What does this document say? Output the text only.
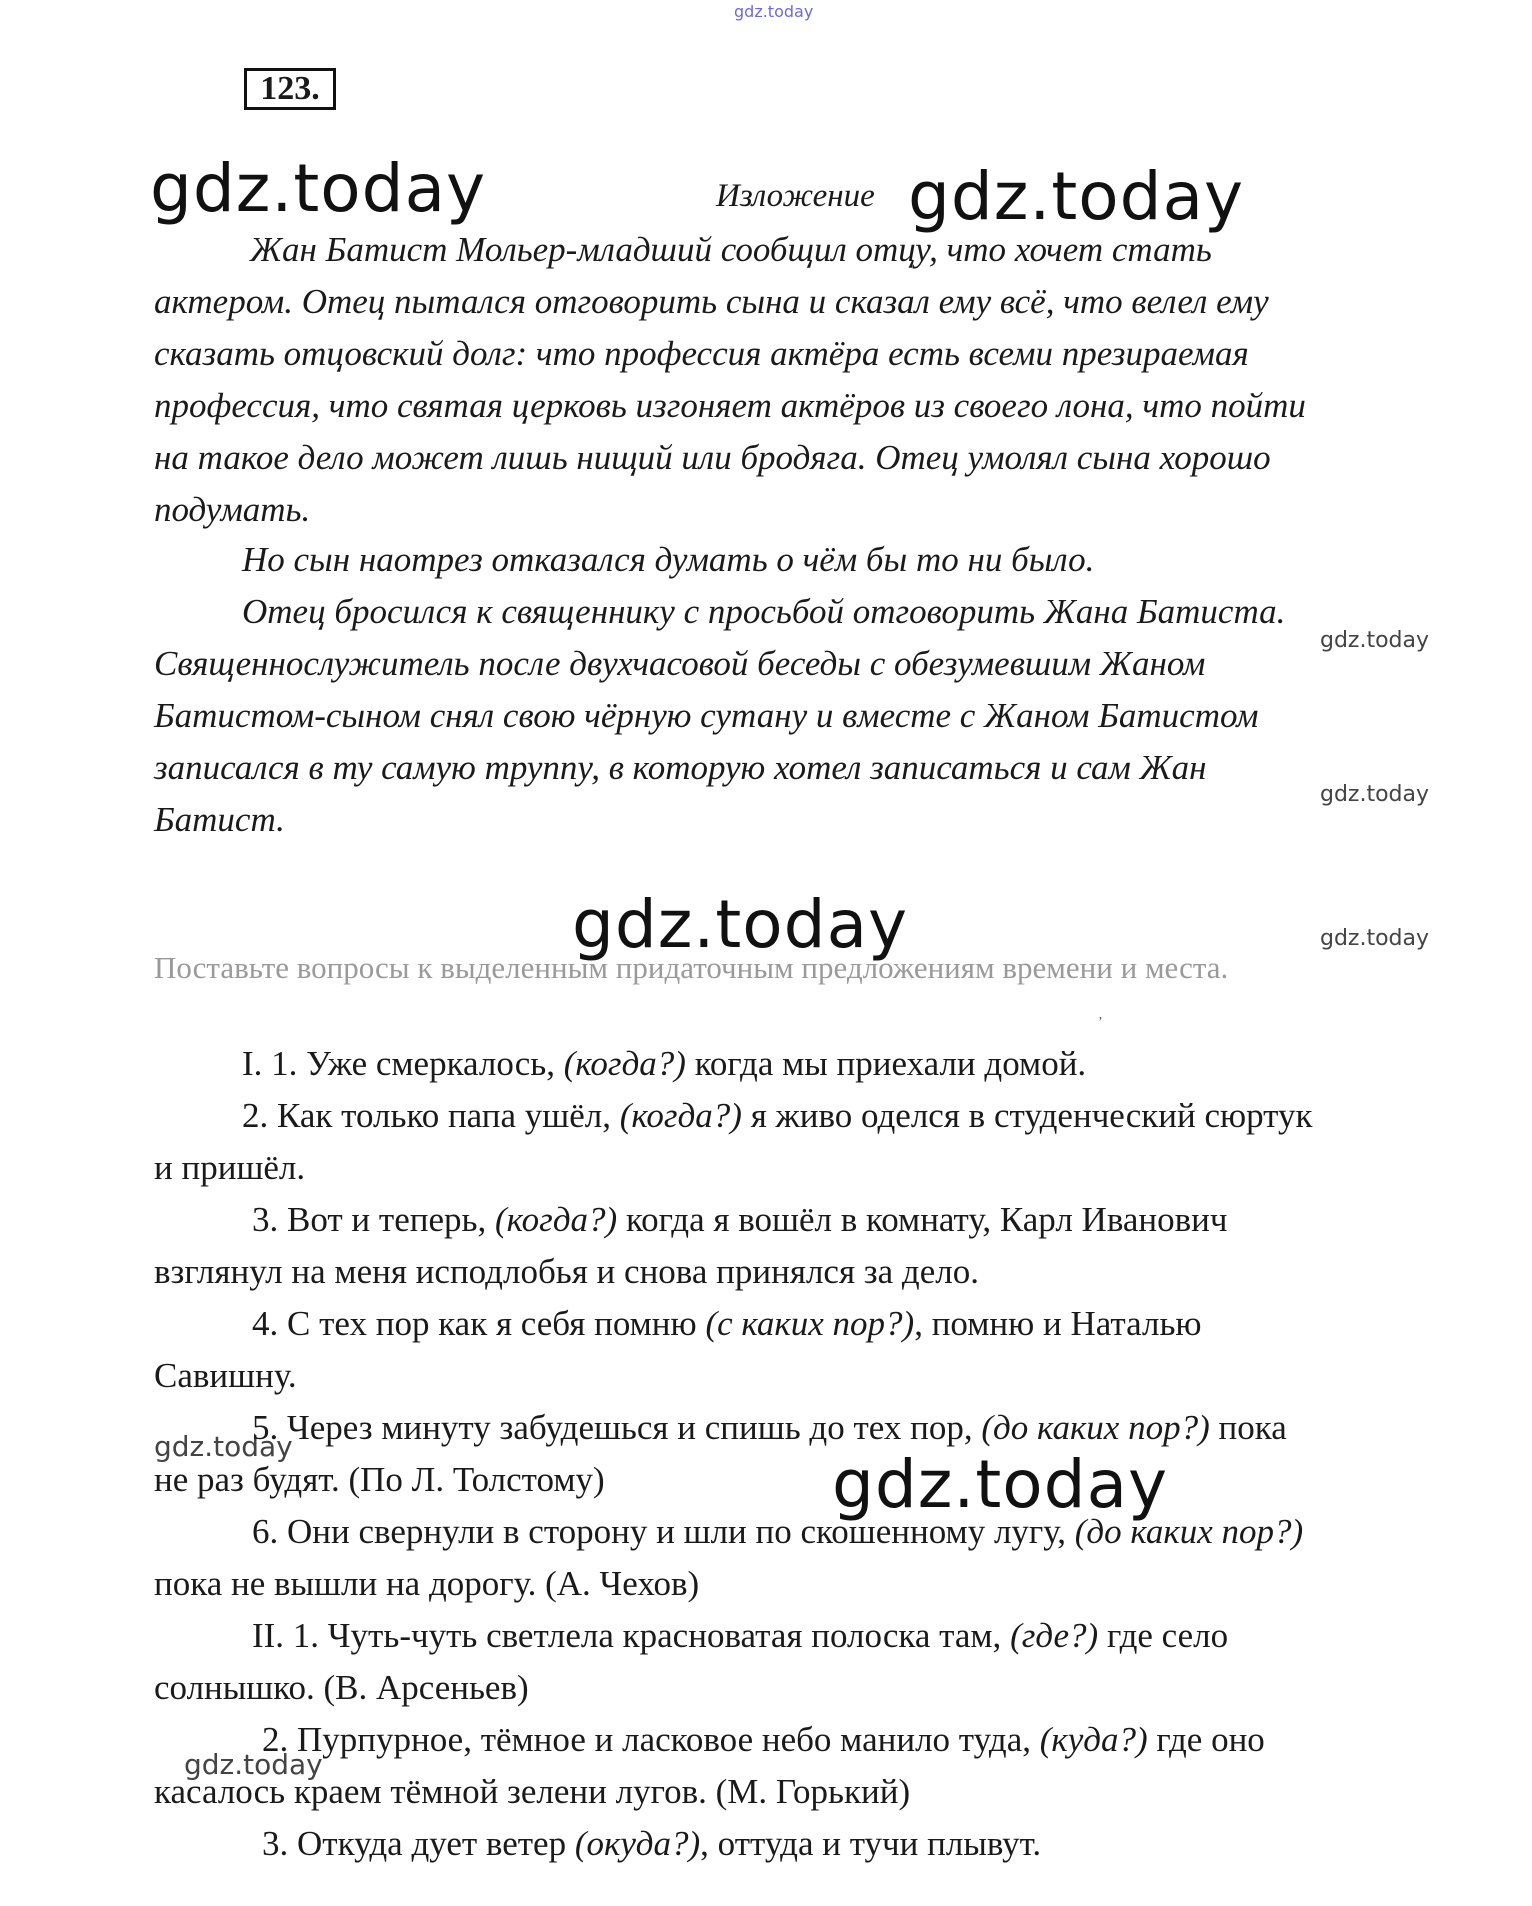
gdz.today
123.
gdz.today	gdz.today
gdz.today
gdz.today
Изложение
Жан Батист Мольер-младший сообщил отцу, что хочет стать
актером. Отец пытался отговорить сына и сказал ему всё, что велел ему
сказать отцовский долг: что профессия актёра есть всеми презираемая
профессия, что святая церковь изгоняет актёров из своего лона, что пойти
на такое дело может лишь нищий или бродяга. Отец умолял сына хорошо
подумать.
Но сын наотрез отказался думать о чём бы то ни было.
Отец бросился к священнику с просьбой отговорить Жана Батиста.
Священнослужитель после двухчасовой беседы с обезумевшим Жаном
Батистом-сыном снял свою чёрную сутану и вместе с Жаном Батистом
записался в ту самую труппу, в которую хотел записаться и сам Жан
Батист.
gdz.today
gdz.today
gdz.today
gdz.today
gdz.today
Поставьте вопросы к выделенным придаточным предложениям времени и места.
’
I. 1. Уже смеркалось, (когда?) когда мы приехали домой.
2. Как только папа ушёл, (когда?) я живо оделся в студенческий сюртук
и пришёл.
3. Вот и теперь, (когда?) когда я вошёл в комнату, Карл Иванович
взглянул на меня исподлобья и снова принялся за дело.
4. С тех пор как я себя помню (с каких пор?), помню и Наталью
Савишну.
5. Через минуту забудешься и спишь до тех пор, (до каких пор?) пока
не раз будят. (По Л. Толстому)
6. Они свернули в сторону и шли по скошенному лугу, (до каких пор?)
пока не вышли на дорогу. (А. Чехов)
II. 1. Чуть-чуть светлела красноватая полоска там, (где?) где село
солнышко. (В. Арсеньев)
2. Пурпурное, тёмное и ласковое небо манило туда, (куда?) где оно
касалось краем тёмной зелени лугов. (М. Горький)
3. Откуда дует ветер (окуда?), оттуда и тучи плывут.
